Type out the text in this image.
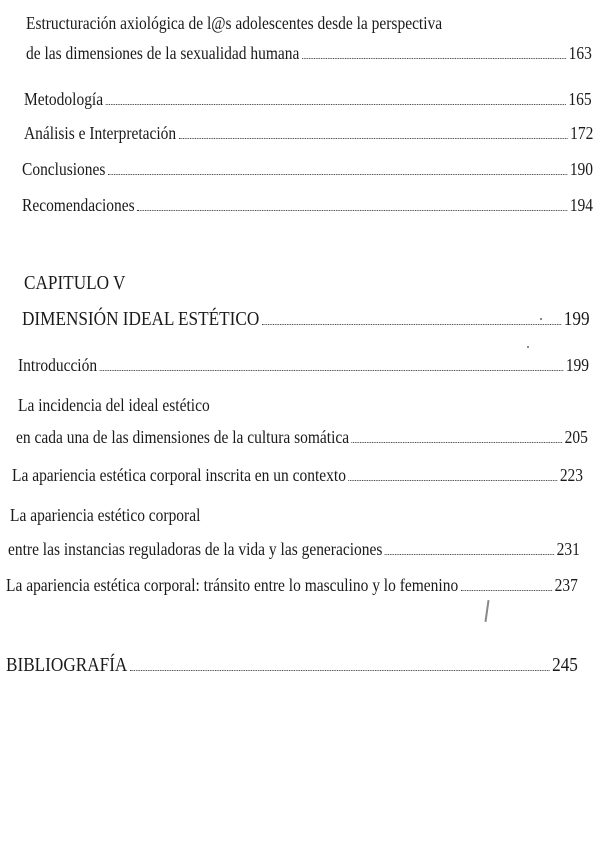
Estructuración axiológica de l@s adolescentes desde la perspectiva
de las dimensiones de la sexualidad humana	163
Metodología	165
Análisis e Interpretación	172
Conclusiones	190
Recomendaciones	194
CAPITULO V
DIMENSIÓN IDEAL ESTÉTICO	199
Introducción	199
La incidencia del ideal estético
en cada una de las dimensiones de la cultura somática	205
La apariencia estética corporal inscrita en un contexto	223
La apariencia estético corporal
entre las instancias reguladoras de la vida y las generaciones	231
La apariencia estética corporal: tránsito entre lo masculino y lo femenino	237
BIBLIOGRAFÍA	245
